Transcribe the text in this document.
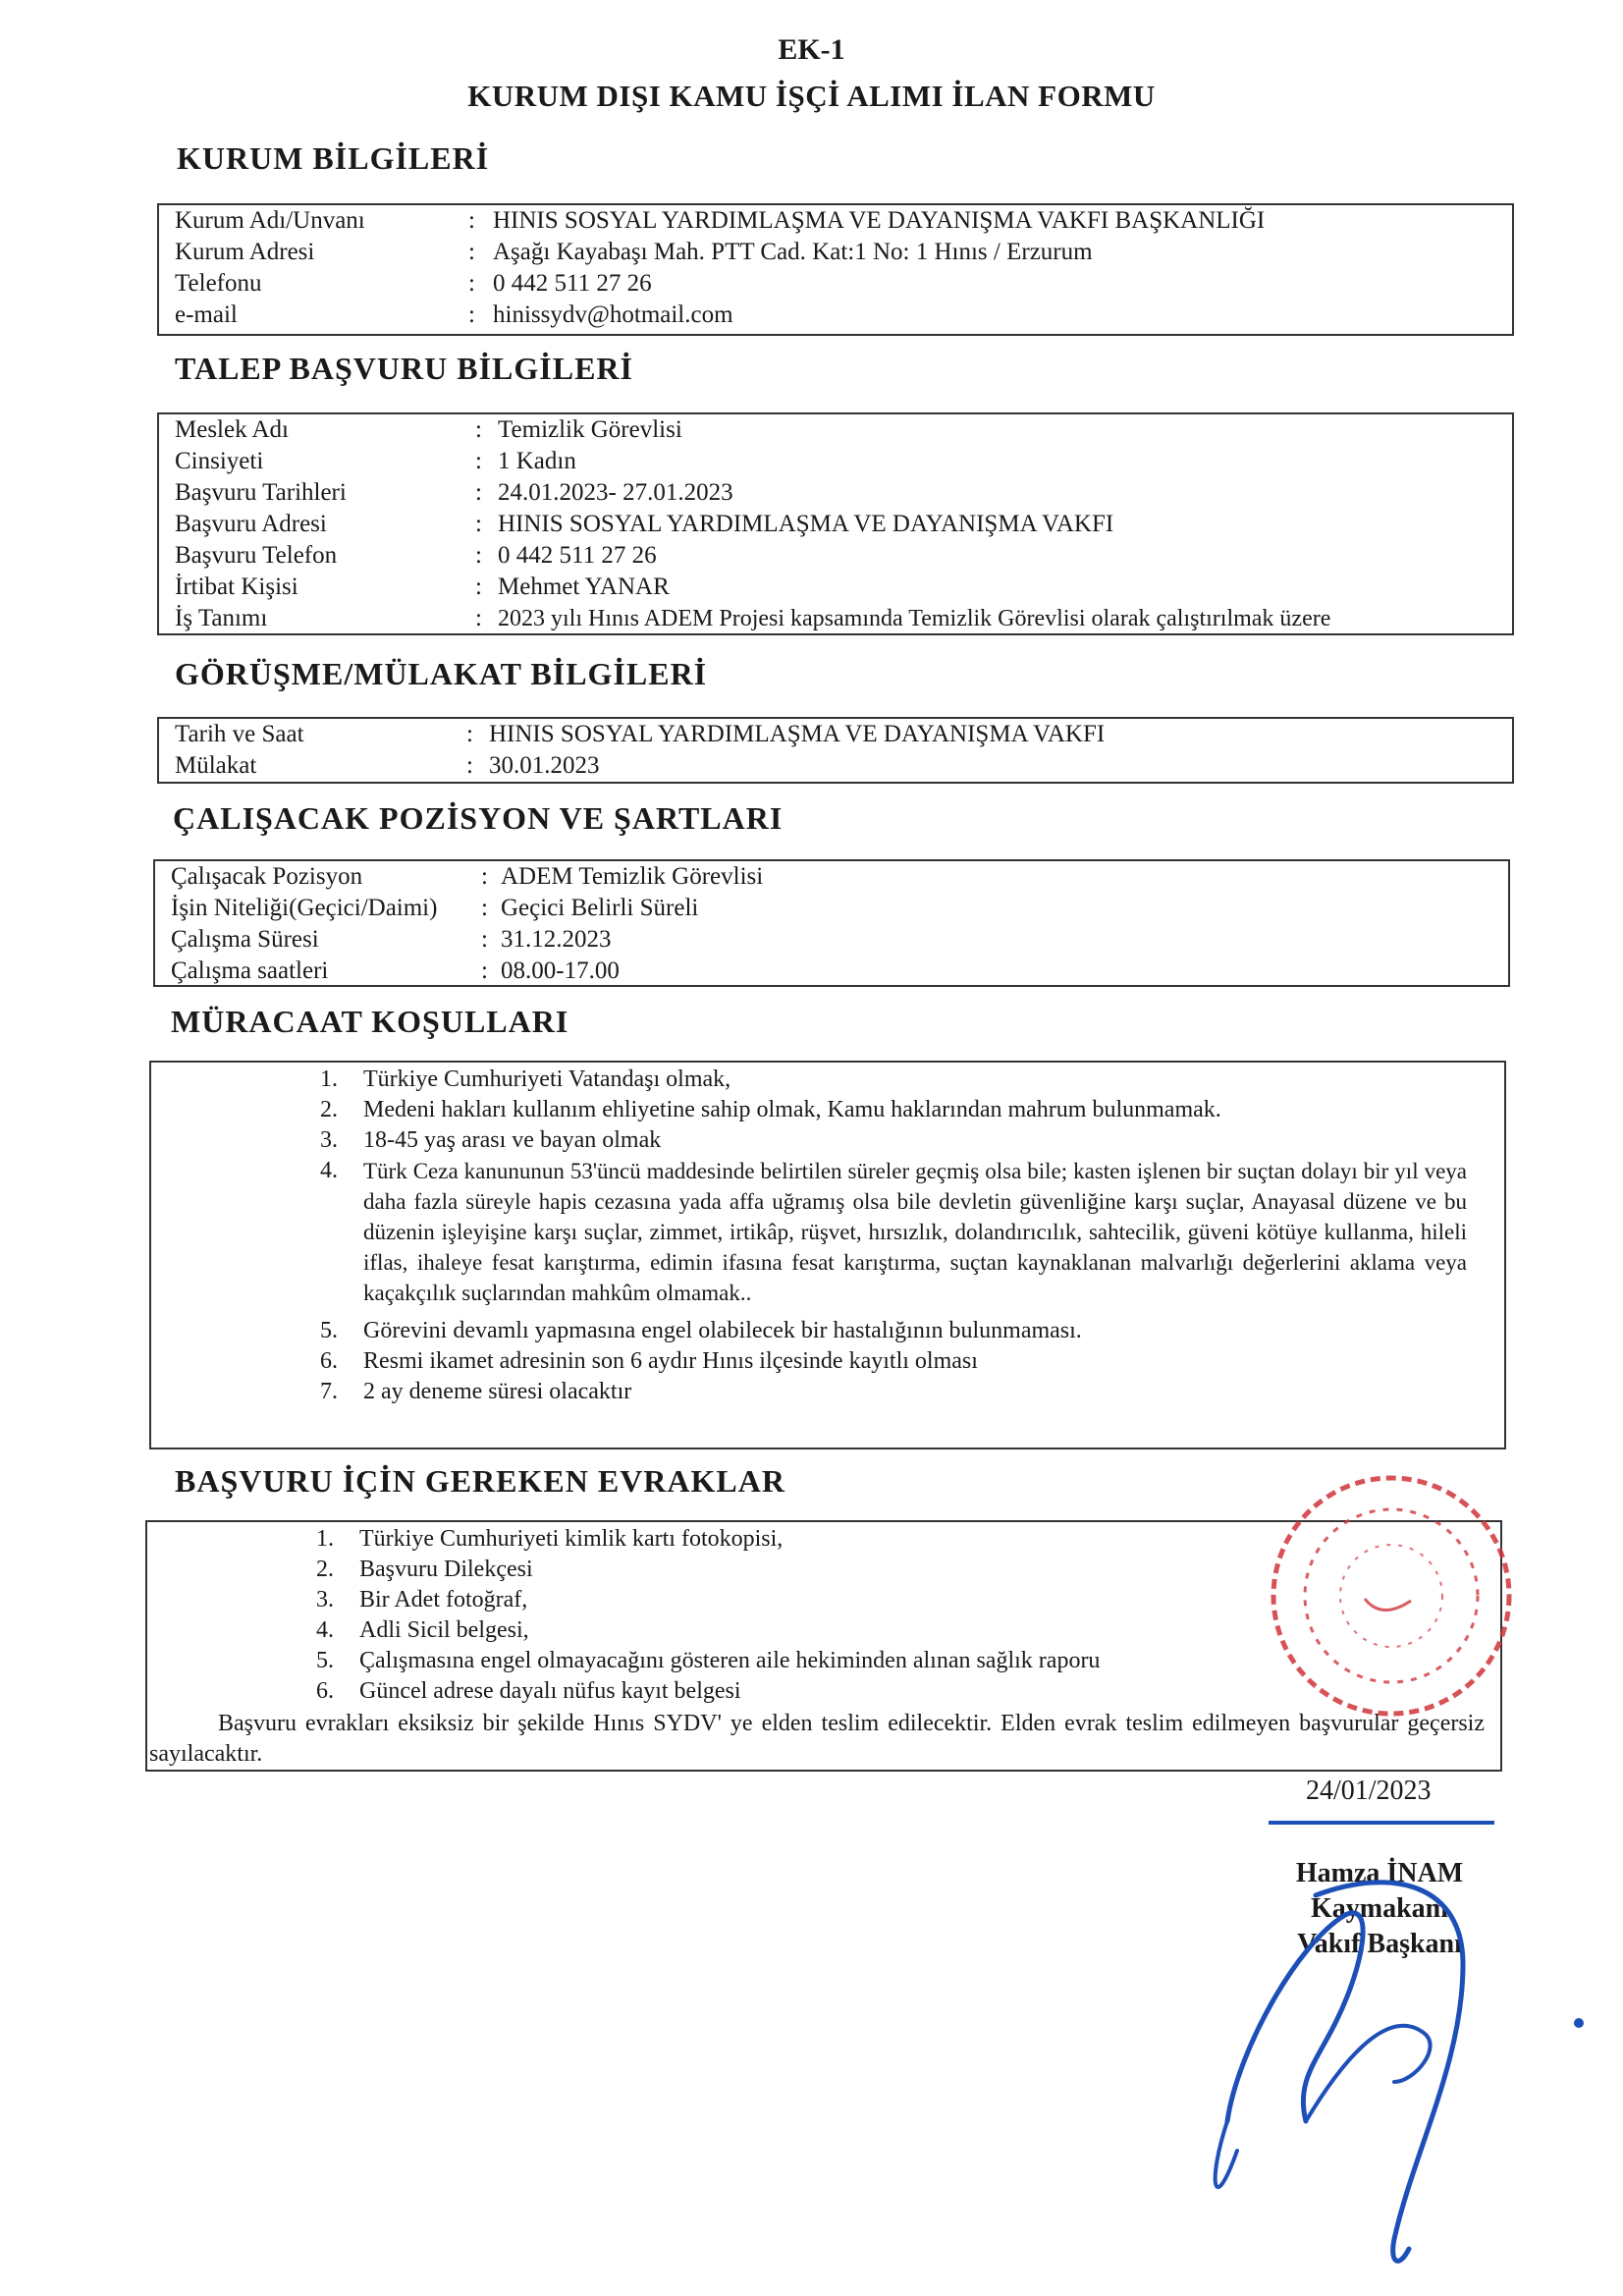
EK-1
KURUM DIŞI KAMU İŞÇİ ALIMI İLAN FORMU
KURUM BİLGİLERİ
Kurum Adı/Unvanı	: HINIS SOSYAL YARDIMLAŞMA VE DAYANIŞMA VAKFI BAŞKANLIĞI
Kurum Adresi	: Aşağı Kayabaşı Mah. PTT Cad. Kat:1 No: 1 Hınıs / Erzurum
Telefonu	: 0 442 511 27 26
e-mail	: hinissydv@hotmail.com
TALEP BAŞVURU BİLGİLERİ
Meslek Adı	: Temizlik Görevlisi
Cinsiyeti	: 1 Kadın
Başvuru Tarihleri	: 24.01.2023- 27.01.2023
Başvuru Adresi	: HINIS SOSYAL YARDIMLAŞMA VE DAYANIŞMA VAKFI
Başvuru Telefon	: 0 442 511 27 26
İrtibat Kişisi	: Mehmet YANAR
İş Tanımı	: 2023 yılı Hınıs ADEM Projesi kapsamında Temizlik Görevlisi olarak çalıştırılmak üzere
GÖRÜŞME/MÜLAKAT BİLGİLERİ
Tarih ve Saat	: HINIS SOSYAL YARDIMLAŞMA VE DAYANIŞMA VAKFI
Mülakat	: 30.01.2023
ÇALIŞACAK POZİSYON VE ŞARTLARI
Çalışacak Pozisyon	: ADEM Temizlik Görevlisi
İşin Niteliği(Geçici/Daimi) : Geçici Belirli Süreli
Çalışma Süresi	: 31.12.2023
Çalışma saatleri	: 08.00-17.00
MÜRACAAT KOŞULLARI
1. Türkiye Cumhuriyeti Vatandaşı olmak,
2. Medeni hakları kullanım ehliyetine sahip olmak, Kamu haklarından mahrum bulunmamak.
3. 18-45 yaş arası ve bayan olmak
4. Türk Ceza kanununun 53'üncü maddesinde belirtilen süreler geçmiş olsa bile; kasten işlenen bir suçtan dolayı bir yıl veya daha fazla süreyle hapis cezasına yada affa uğramış olsa bile devletin güvenliğine karşı suçlar, Anayasal düzene ve bu düzenin işleyişine karşı suçlar, zimmet, irtikâp, rüşvet, hırsızlık, dolandırıcılık, sahtecilik, güveni kötüye kullanma, hileli iflas, ihaleye fesat karıştırma, edimin ifasına fesat karıştırma, suçtan kaynaklanan malvarlığı değerlerini aklama veya kaçakçılık suçlarından mahkûm olmamak..
5. Görevini devamlı yapmasına engel olabilecek bir hastalığının bulunmaması.
6. Resmi ikamet adresinin son 6 aydır Hınıs ilçesinde kayıtlı olması
7. 2 ay deneme süresi olacaktır
BAŞVURU İÇİN GEREKEN EVRAKLAR
1. Türkiye Cumhuriyeti kimlik kartı fotokopisi,
2. Başvuru Dilekçesi
3. Bir Adet fotoğraf,
4. Adli Sicil belgesi,
5. Çalışmasına engel olmayacağını gösteren aile hekiminden alınan sağlık raporu
6. Güncel adrese dayalı nüfus kayıt belgesi
Başvuru evrakları eksiksiz bir şekilde Hınıs SYDV' ye elden teslim edilecektir. Elden evrak teslim edilmeyen başvurular geçersiz sayılacaktır.
24/01/2023
Hamza İNAM
Kaymakam
Vakıf Başkanı
